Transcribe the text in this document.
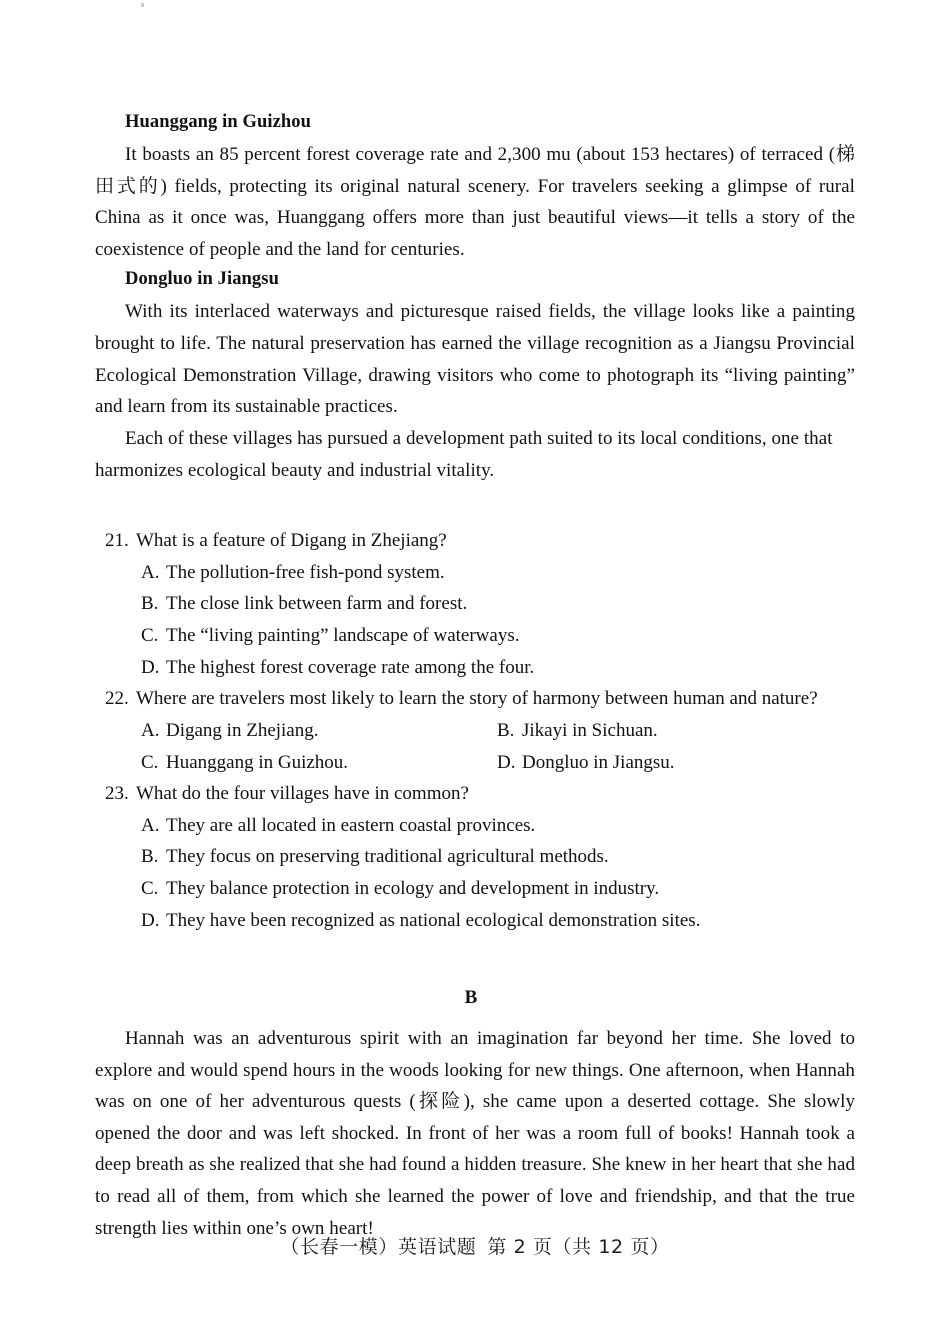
Huanggang in Guizhou

It boasts an 85 percent forest coverage rate and 2,300 mu (about 153 hectares) of terraced (梯田式的) fields, protecting its original natural scenery. For travelers seeking a glimpse of rural China as it once was, Huanggang offers more than just beautiful views—it tells a story of the coexistence of people and the land for centuries.

Dongluo in Jiangsu

With its interlaced waterways and picturesque raised fields, the village looks like a painting brought to life. The natural preservation has earned the village recognition as a Jiangsu Provincial Ecological Demonstration Village, drawing visitors who come to photograph its “living painting” and learn from its sustainable practices.

Each of these villages has pursued a development path suited to its local conditions, one that harmonizes ecological beauty and industrial vitality.

21. What is a feature of Digang in Zhejiang?
A. The pollution-free fish-pond system.
B. The close link between farm and forest.
C. The “living painting” landscape of waterways.
D. The highest forest coverage rate among the four.
22. Where are travelers most likely to learn the story of harmony between human and nature?
A. Digang in Zhejiang.	B. Jikayi in Sichuan.
C. Huanggang in Guizhou.	D. Dongluo in Jiangsu.
23. What do the four villages have in common?
A. They are all located in eastern coastal provinces.
B. They focus on preserving traditional agricultural methods.
C. They balance protection in ecology and development in industry.
D. They have been recognized as national ecological demonstration sites.
B

Hannah was an adventurous spirit with an imagination far beyond her time. She loved to explore and would spend hours in the woods looking for new things. One afternoon, when Hannah was on one of her adventurous quests (探险), she came upon a deserted cottage. She slowly opened the door and was left shocked. In front of her was a room full of books! Hannah took a deep breath as she realized that she had found a hidden treasure. She knew in her heart that she had to read all of them, from which she learned the power of love and friendship, and that the true strength lies within one’s own heart!

（长春一模）英语试题 第 2 页（共 12 页）
